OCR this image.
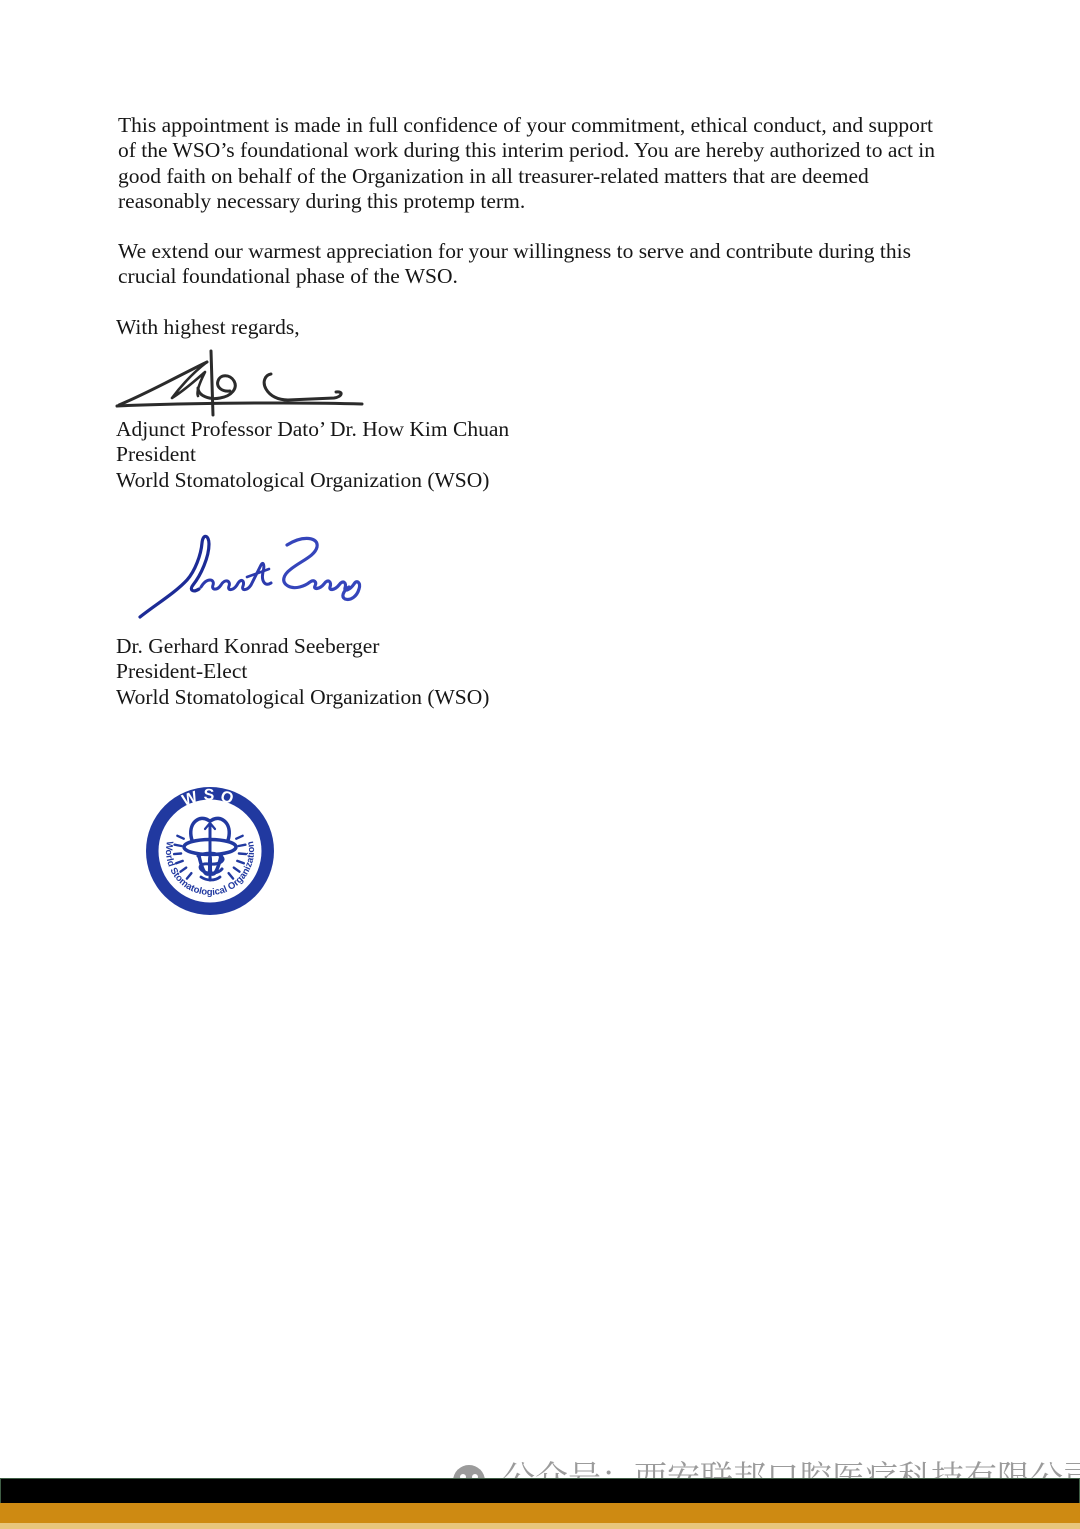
This appointment is made in full confidence of your commitment, ethical conduct, and support
of the WSO’s foundational work during this interim period. You are hereby authorized to act in
good faith on behalf of the Organization in all treasurer-related matters that are deemed
reasonably necessary during this protemp term.
We extend our warmest appreciation for your willingness to serve and contribute during this
crucial foundational phase of the WSO.
With highest regards,
Adjunct Professor Dato’ Dr. How Kim Chuan
President
World Stomatological Organization (WSO)
Dr. Gerhard Konrad Seeberger
President-Elect
World Stomatological Organization (WSO)
WSO
World Stomatological Organization
